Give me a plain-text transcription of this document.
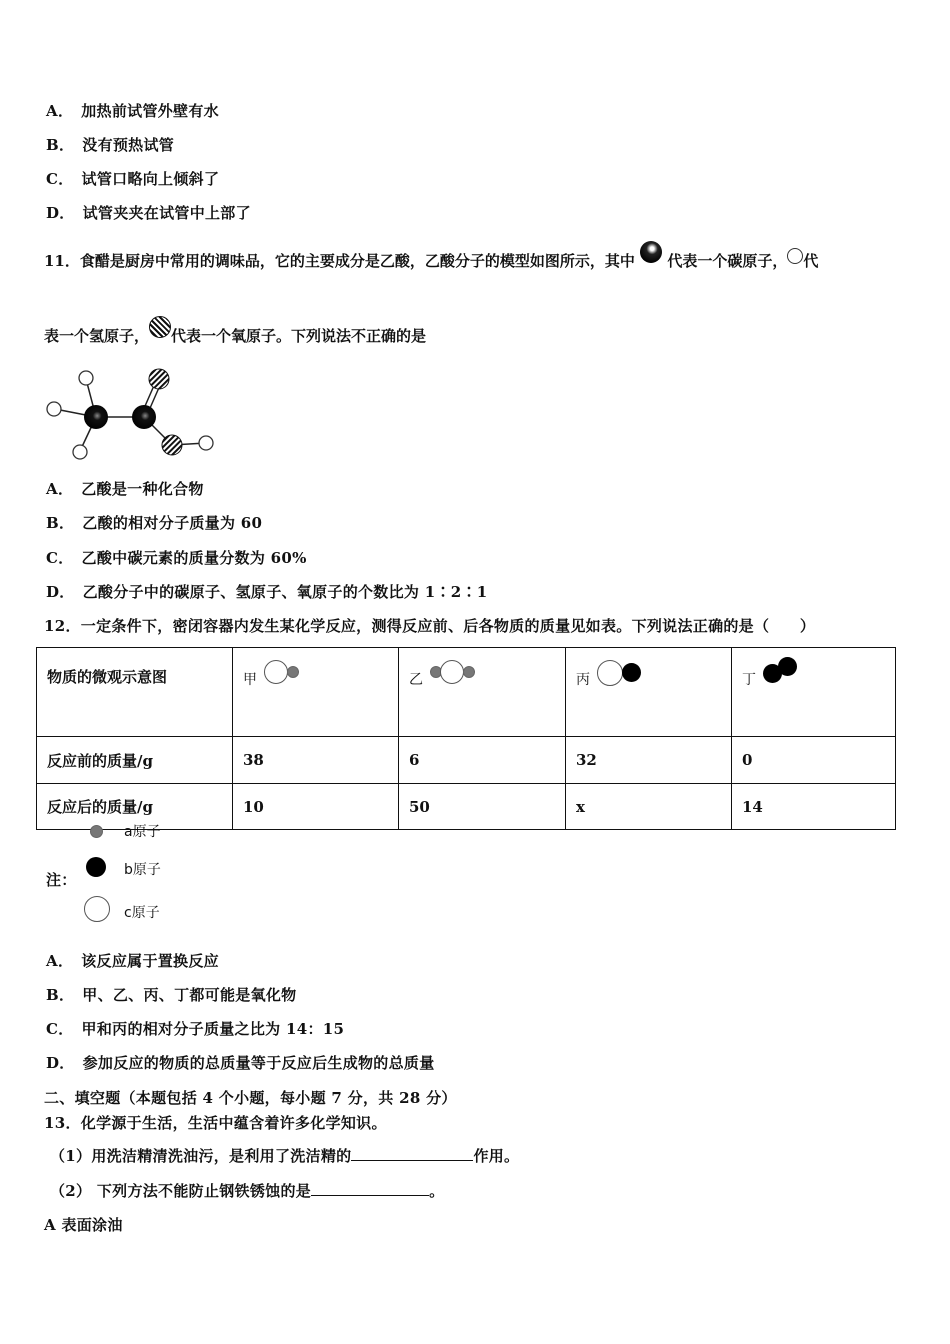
A． 加热前试管外壁有水
B． 没有预热试管
C． 试管口略向上倾斜了
D． 试管夹夹在试管中上部了
11．食醋是厨房中常用的调味品，它的主要成分是乙酸，乙酸分子的模型如图所示，其中 代表一个碳原子， 代
表一个氢原子， 代表一个氧原子。下列说法不正确的是
A． 乙酸是一种化合物
B． 乙酸的相对分子质量为 60
C． 乙酸中碳元素的质量分数为 60%
D． 乙酸分子中的碳原子、氢原子、氧原子的个数比为 1∶2∶1
12．一定条件下，密闭容器内发生某化学反应，测得反应前、后各物质的质量见如表。下列说法正确的是（　　）
物质的微观示意图	甲	乙	丙	丁

反应前的质量/g	38	6	32	0
反应后的质量/g	10	50	x	14
注：
a原子
b原子
c原子
A． 该反应属于置换反应
B． 甲、乙、丙、丁都可能是氧化物
C． 甲和丙的相对分子质量之比为 14：15
D． 参加反应的物质的总质量等于反应后生成物的总质量
二、填空题（本题包括 4 个小题，每小题 7 分，共 28 分）
13．化学源于生活，生活中蕴含着许多化学知识。
（1）用洗洁精清洗油污，是利用了洗洁精的	作用。
（2） 下列方法不能防止钢铁锈蚀的是	。
A 表面涂油
